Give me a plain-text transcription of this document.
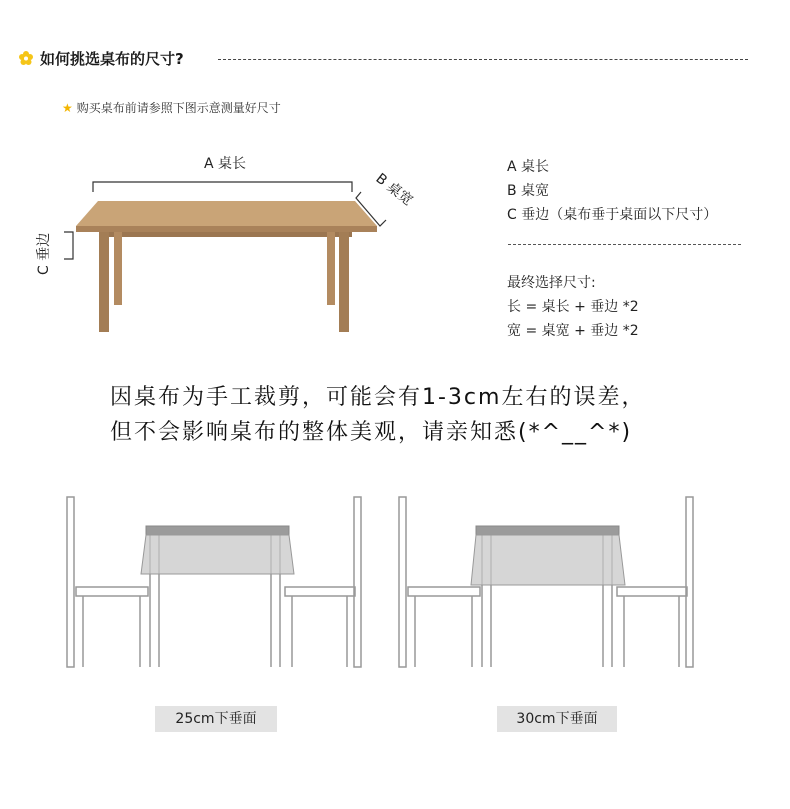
如何挑选桌布的尺寸?
★ 购买桌布前请参照下图示意测量好尺寸
A 桌长
B 桌宽
C 垂边
A 桌长
B 桌宽
C 垂边（桌布垂于桌面以下尺寸）
最终选择尺寸:
长 = 桌长 + 垂边 *2
宽 = 桌宽 + 垂边 *2
因桌布为手工裁剪，可能会有1-3cm左右的误差，
但不会影响桌布的整体美观，请亲知悉(*^__^*)
25cm下垂面	30cm下垂面
